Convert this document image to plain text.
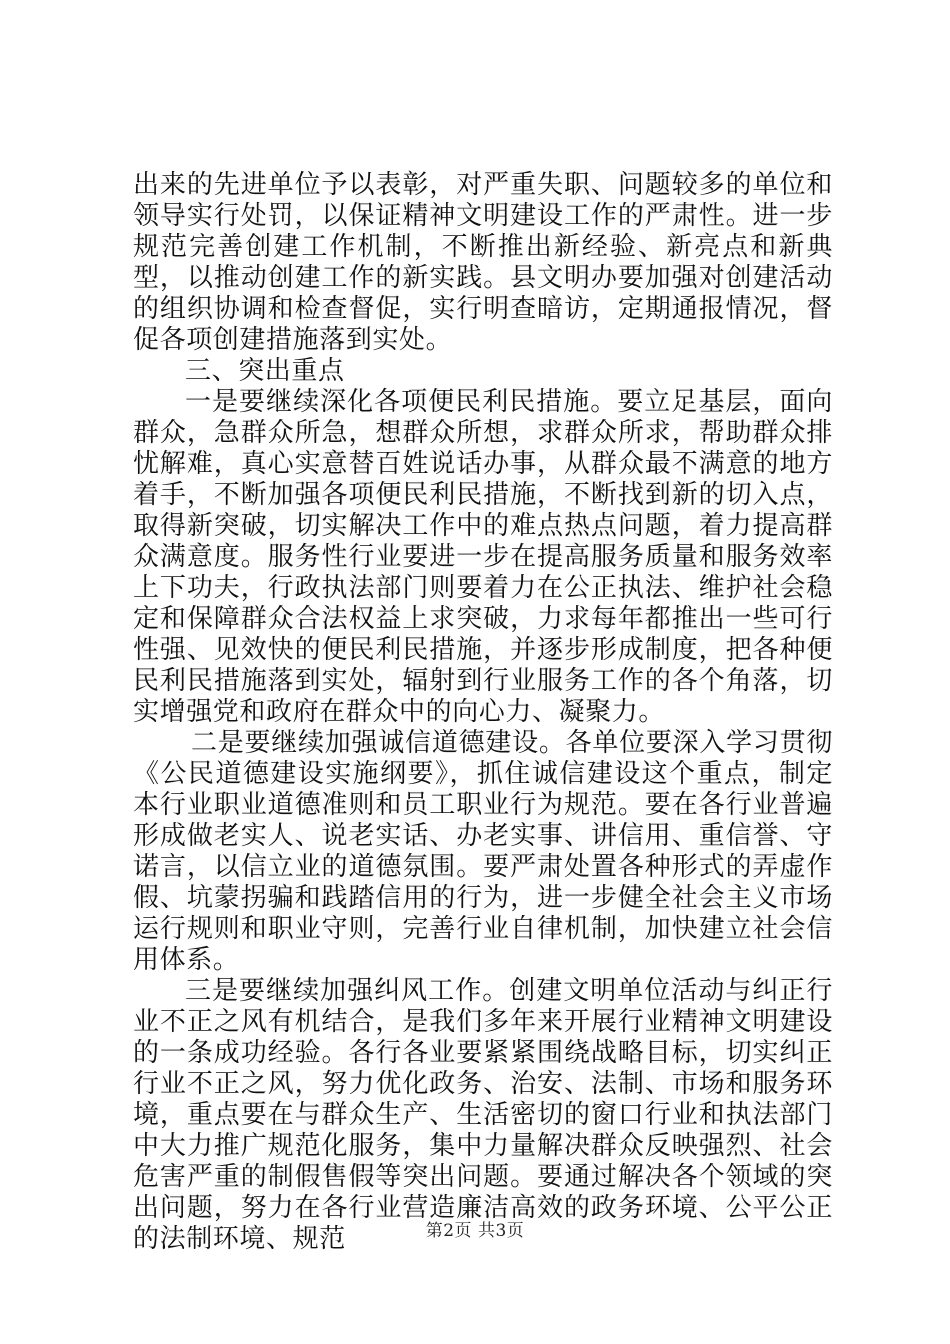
出来的先进单位予以表彰，对严重失职、问题较多的单位和领导实行处罚，以保证精神文明建设工作的严肃性。进一步规范完善创建工作机制，不断推出新经验、新亮点和新典型，以推动创建工作的新实践。县文明办要加强对创建活动的组织协调和检查督促，实行明查暗访，定期通报情况，督促各项创建措施落到实处。

三、突出重点

一是要继续深化各项便民利民措施。要立足基层，面向群众，急群众所急，想群众所想，求群众所求，帮助群众排忧解难，真心实意替百姓说话办事，从群众最不满意的地方着手，不断加强各项便民利民措施，不断找到新的切入点，取得新突破，切实解决工作中的难点热点问题，着力提高群众满意度。服务性行业要进一步在提高服务质量和服务效率上下功夫，行政执法部门则要着力在公正执法、维护社会稳定和保障群众合法权益上求突破，力求每年都推出一些可行性强、见效快的便民利民措施，并逐步形成制度，把各种便民利民措施落到实处，辐射到行业服务工作的各个角落，切实增强党和政府在群众中的向心力、凝聚力。

二是要继续加强诚信道德建设。各单位要深入学习贯彻《公民道德建设实施纲要》，抓住诚信建设这个重点，制定本行业职业道德准则和员工职业行为规范。要在各行业普遍形成做老实人、说老实话、办老实事、讲信用、重信誉、守诺言，以信立业的道德氛围。要严肃处置各种形式的弄虚作假、坑蒙拐骗和践踏信用的行为，进一步健全社会主义市场运行规则和职业守则，完善行业自律机制，加快建立社会信用体系。

三是要继续加强纠风工作。创建文明单位活动与纠正行业不正之风有机结合，是我们多年来开展行业精神文明建设的一条成功经验。各行各业要紧紧围绕战略目标，切实纠正行业不正之风，努力优化政务、治安、法制、市场和服务环境，重点要在与群众生产、生活密切的窗口行业和执法部门中大力推广规范化服务，集中力量解决群众反映强烈、社会危害严重的制假售假等突出问题。要通过解决各个领域的突出问题，努力在各行业营造廉洁高效的政务环境、公平公正的法制环境、规范	第2页 共3页
